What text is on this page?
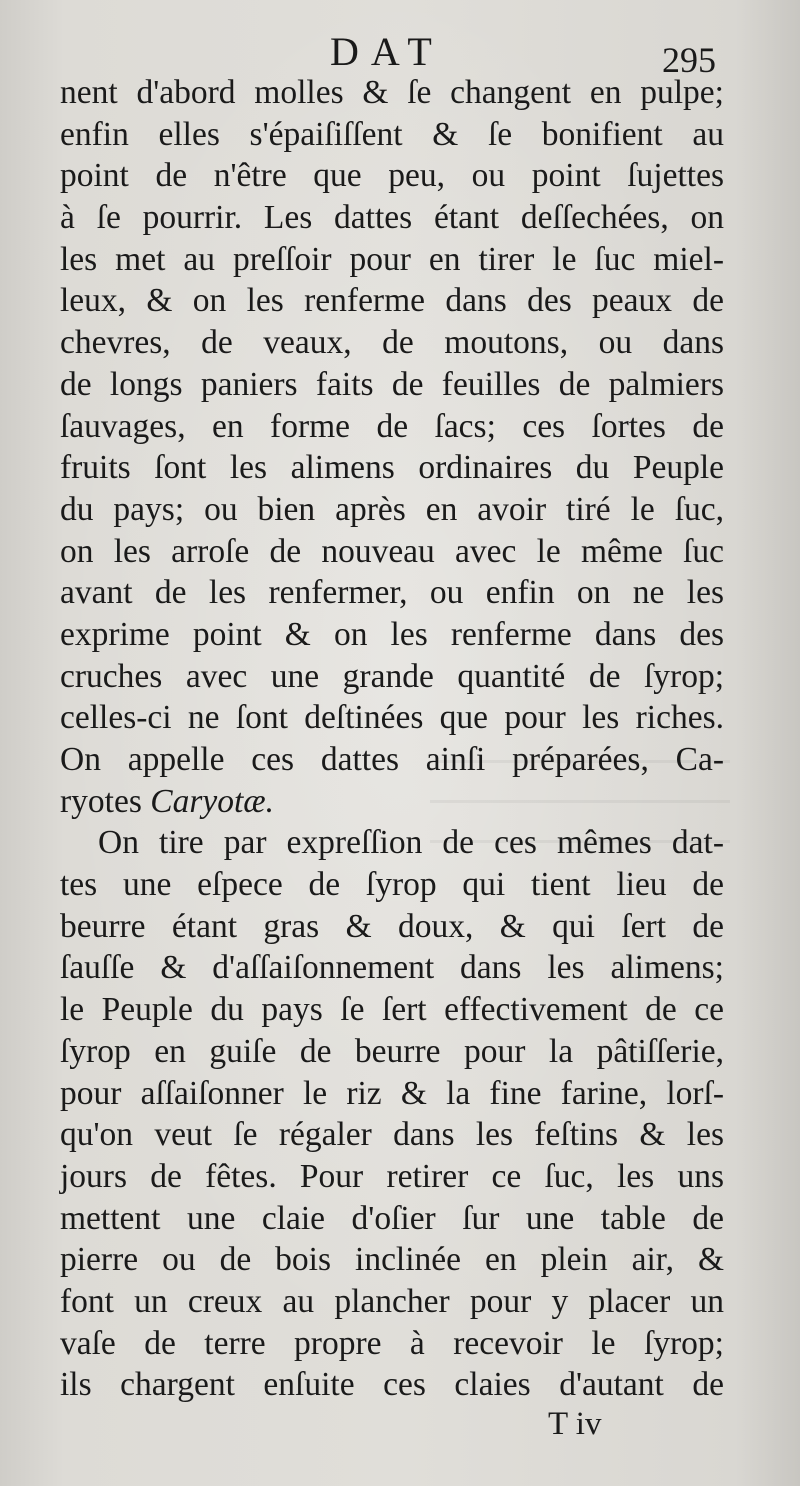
DAT	295
nent d'abord molles & ſe changent en pulpe;
enfin elles s'épaiſiſſent & ſe bonifient au
point de n'être que peu, ou point ſujettes
à ſe pourrir. Les dattes étant deſſechées, on
les met au preſſoir pour en tirer le ſuc miel-
leux, & on les renferme dans des peaux de
chevres, de veaux, de moutons, ou dans
de longs paniers faits de feuilles de palmiers
ſauvages, en forme de ſacs; ces ſortes de
fruits ſont les alimens ordinaires du Peuple
du pays; ou bien après en avoir tiré le ſuc,
on les arroſe de nouveau avec le même ſuc
avant de les renfermer, ou enfin on ne les
exprime point & on les renferme dans des
cruches avec une grande quantité de ſyrop;
celles-ci ne ſont deſtinées que pour les riches.
On appelle ces dattes ainſi préparées, Ca-
ryotes Caryotæ.
On tire par expreſſion de ces mêmes dat-
tes une eſpece de ſyrop qui tient lieu de
beurre étant gras & doux, & qui ſert de
ſauſſe & d'aſſaiſonnement dans les alimens;
le Peuple du pays ſe ſert effectivement de ce
ſyrop en guiſe de beurre pour la pâtiſſerie,
pour aſſaiſonner le riz & la fine farine, lorſ-
qu'on veut ſe régaler dans les feſtins & les
jours de fêtes. Pour retirer ce ſuc, les uns
mettent une claie d'oſier ſur une table de
pierre ou de bois inclinée en plein air, &
font un creux au plancher pour y placer un
vaſe de terre propre à recevoir le ſyrop;
ils chargent enſuite ces claies d'autant de
T iv
